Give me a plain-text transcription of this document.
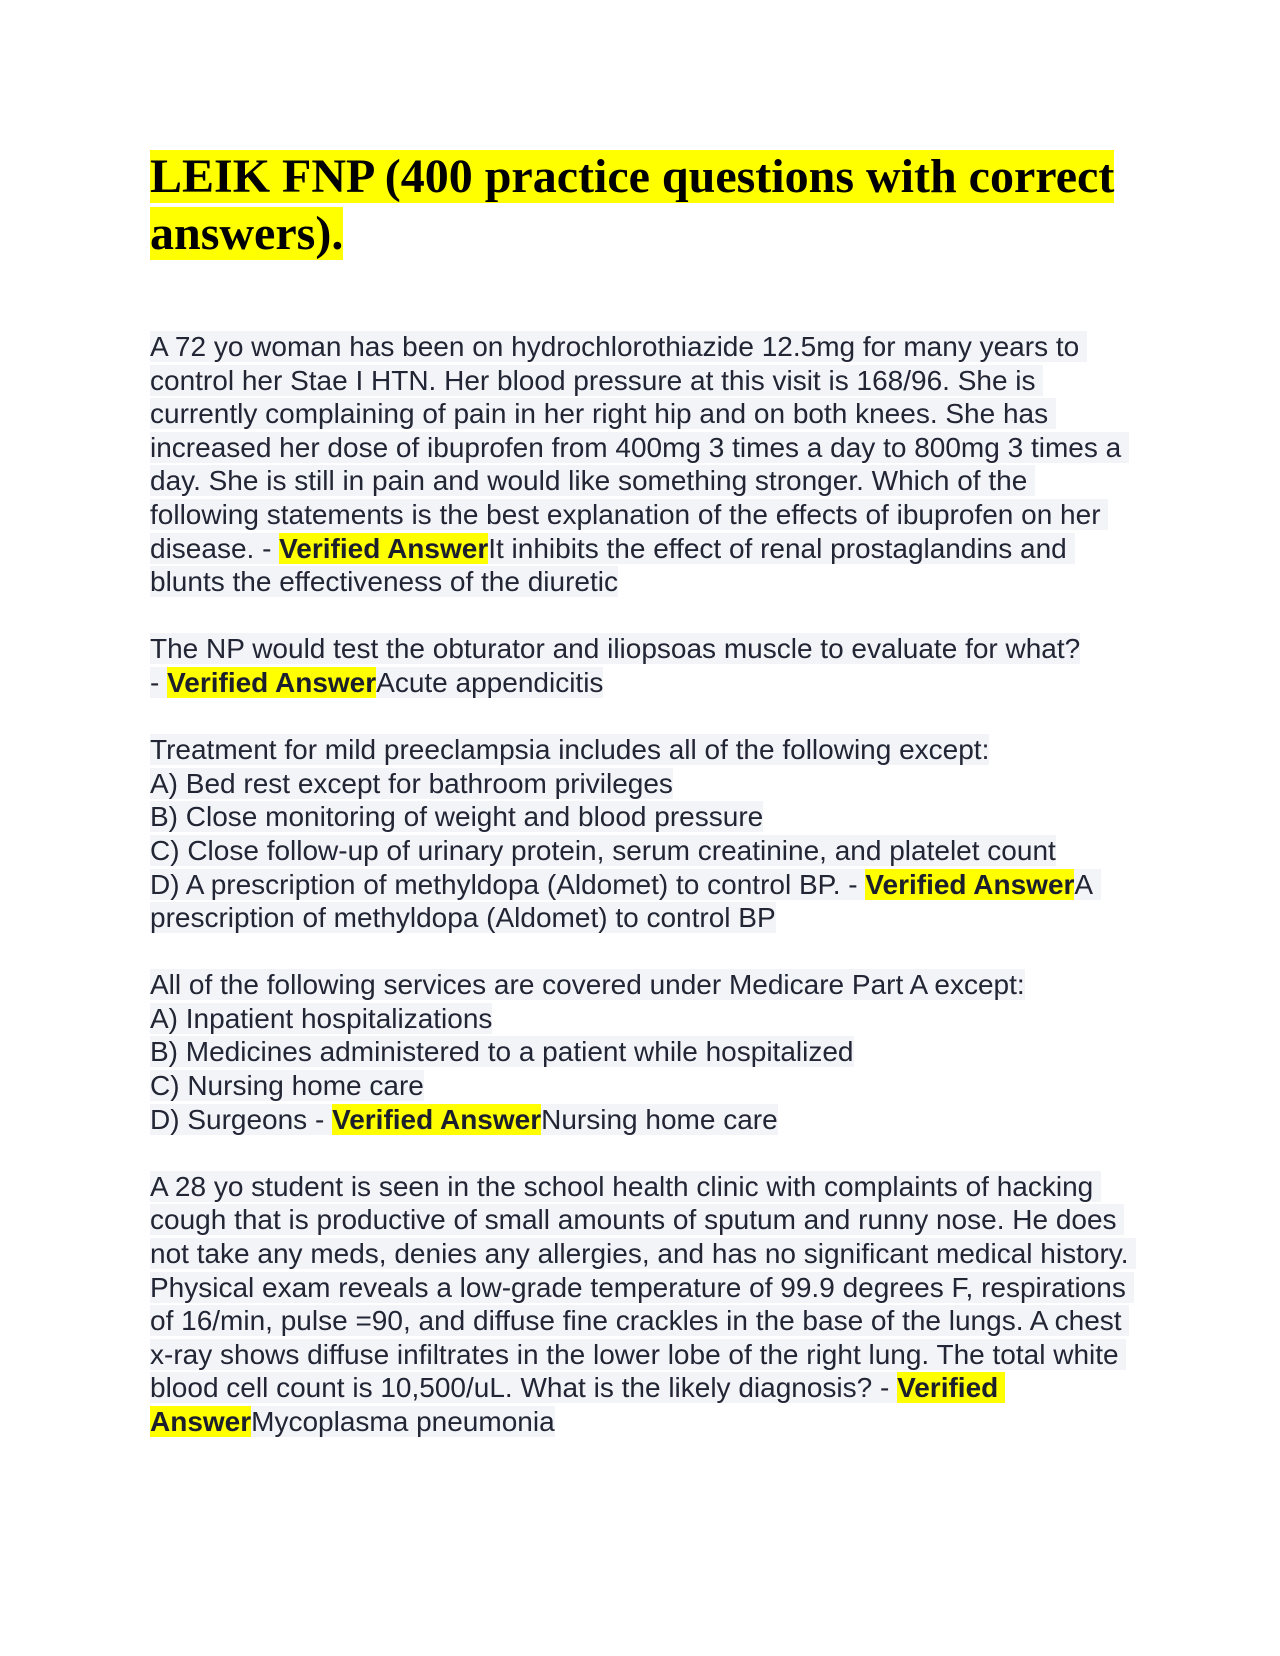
LEIK FNP (400 practice questions with correct answers).
A 72 yo woman has been on hydrochlorothiazide 12.5mg for many years to control her Stae I HTN. Her blood pressure at this visit is 168/96. She is currently complaining of pain in her right hip and on both knees. She has increased her dose of ibuprofen from 400mg 3 times a day to 800mg 3 times a day. She is still in pain and would like something stronger. Which of the following statements is the best explanation of the effects of ibuprofen on her disease. - Verified AnswerIt inhibits the effect of renal prostaglandins and blunts the effectiveness of the diuretic
The NP would test the obturator and iliopsoas muscle to evaluate for what?
- Verified AnswerAcute appendicitis
Treatment for mild preeclampsia includes all of the following except:
A) Bed rest except for bathroom privileges
B) Close monitoring of weight and blood pressure
C) Close follow-up of urinary protein, serum creatinine, and platelet count
D) A prescription of methyldopa (Aldomet) to control BP. - Verified AnswerA prescription of methyldopa (Aldomet) to control BP
All of the following services are covered under Medicare Part A except:
A) Inpatient hospitalizations
B) Medicines administered to a patient while hospitalized
C) Nursing home care
D) Surgeons - Verified AnswerNursing home care
A 28 yo student is seen in the school health clinic with complaints of hacking cough that is productive of small amounts of sputum and runny nose. He does not take any meds, denies any allergies, and has no significant medical history. Physical exam reveals a low-grade temperature of 99.9 degrees F, respirations of 16/min, pulse =90, and diffuse fine crackles in the base of the lungs. A chest x-ray shows diffuse infiltrates in the lower lobe of the right lung. The total white blood cell count is 10,500/uL. What is the likely diagnosis? - Verified AnswerMycoplasma pneumonia
